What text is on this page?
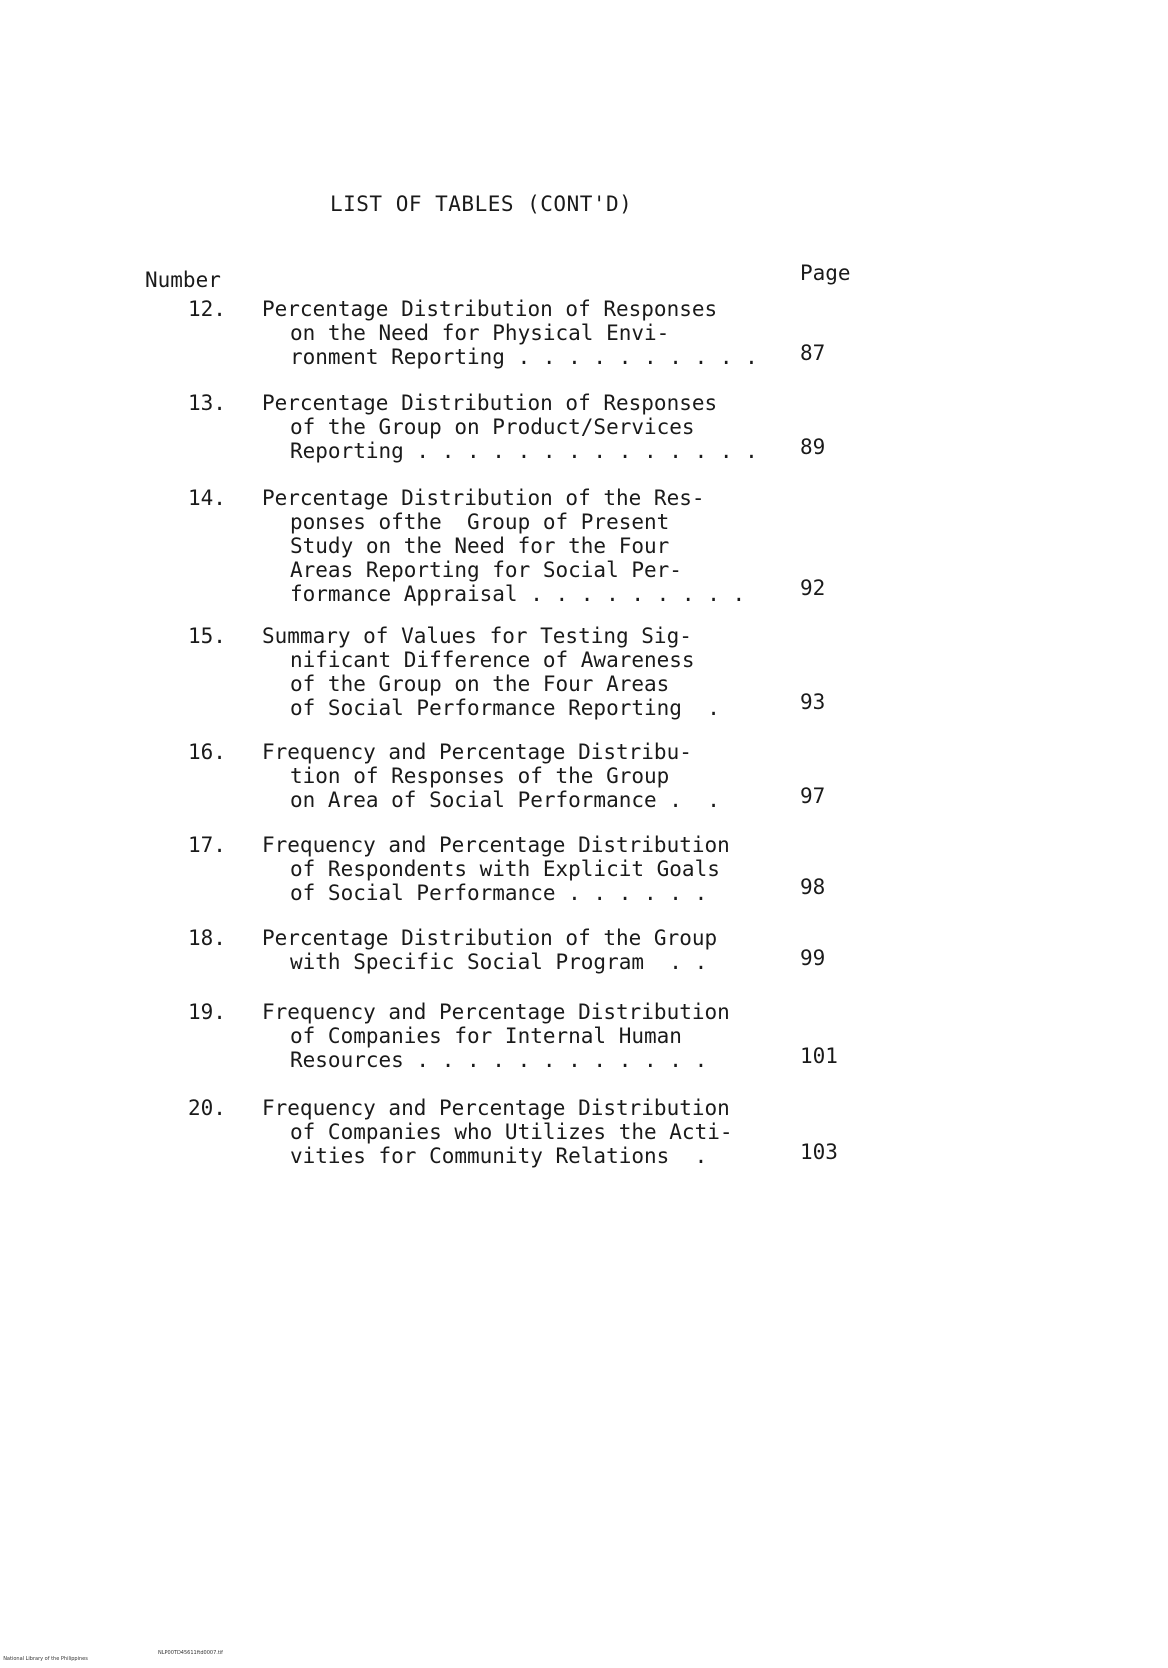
LIST OF TABLES (CONT'D)
Number	Page
12. Percentage Distribution of Responses
on the Need for Physical Envi-
ronment Reporting . . . . . . . . . . 87
13. Percentage Distribution of Responses
of the Group on Product/Services
Reporting . . . . . . . . . . . . . . 89
14. Percentage Distribution of the Res-
ponses ofthe  Group of Present
Study on the Need for the Four
Areas Reporting for Social Per-
formance Appraisal . . . . . . . . .	92
15. Summary of Values for Testing Sig-
nificant Difference of Awareness
of the Group on the Four Areas
of Social Performance Reporting  .	93
16. Frequency and Percentage Distribu-
tion of Responses of the Group
on Area of Social Performance .  .	97
17. Frequency and Percentage Distribution
of Respondents with Explicit Goals
of Social Performance . . . . . .	98
18. Percentage Distribution of the Group
with Specific Social Program  . .	99
19. Frequency and Percentage Distribution
of Companies for Internal Human
Resources . . . . . . . . . . . .	101
20. Frequency and Percentage Distribution
of Companies who Utilizes the Acti-
vities for Community Relations  .	103

National Library of the Philippines

NLP00TD45611ftd0007.tif
